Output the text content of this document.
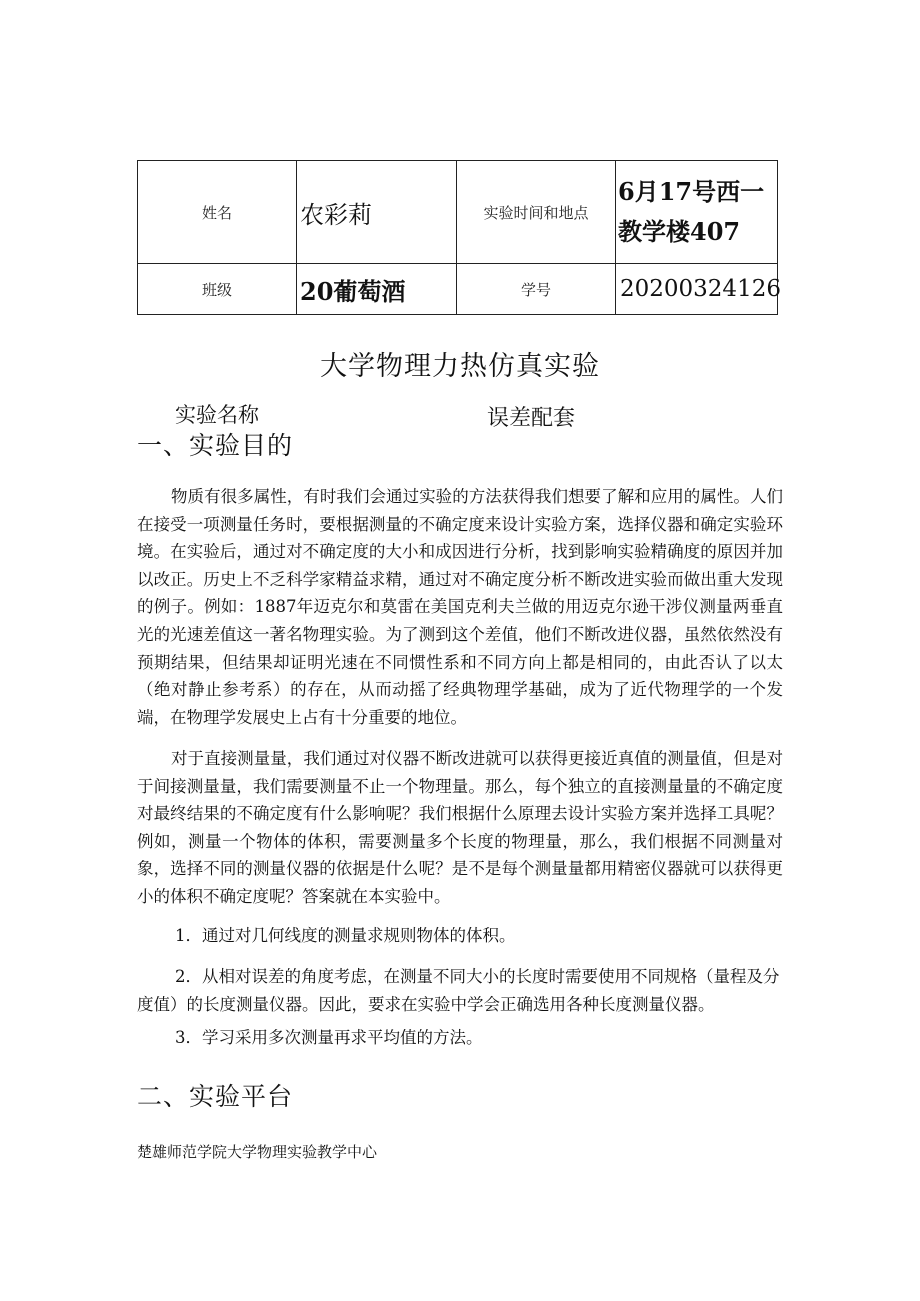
姓名	农彩莉	实验时间和地点	6月17号西一教学楼407
班级	20葡萄酒	学号	20200324126
大学物理力热仿真实验
实验名称	误差配套
一、实验目的

物质有很多属性，有时我们会通过实验的方法获得我们想要了解和应用的属性。人们在接受一项测量任务时，要根据测量的不确定度来设计实验方案，选择仪器和确定实验环境。在实验后，通过对不确定度的大小和成因进行分析，找到影响实验精确度的原因并加以改正。历史上不乏科学家精益求精，通过对不确定度分析不断改进实验而做出重大发现的例子。例如：1887年迈克尔和莫雷在美国克利夫兰做的用迈克尔逊干涉仪测量两垂直光的光速差值这一著名物理实验。为了测到这个差值，他们不断改进仪器，虽然依然没有预期结果，但结果却证明光速在不同惯性系和不同方向上都是相同的，由此否认了以太（绝对静止参考系）的存在，从而动摇了经典物理学基础，成为了近代物理学的一个发端，在物理学发展史上占有十分重要的地位。

对于直接测量量，我们通过对仪器不断改进就可以获得更接近真值的测量值，但是对于间接测量量，我们需要测量不止一个物理量。那么，每个独立的直接测量量的不确定度对最终结果的不确定度有什么影响呢？我们根据什么原理去设计实验方案并选择工具呢？例如，测量一个物体的体积，需要测量多个长度的物理量，那么，我们根据不同测量对象，选择不同的测量仪器的依据是什么呢？是不是每个测量量都用精密仪器就可以获得更小的体积不确定度呢？答案就在本实验中。

1．通过对几何线度的测量求规则物体的体积。

2．从相对误差的角度考虑，在测量不同大小的长度时需要使用不同规格（量程及分度值）的长度测量仪器。因此，要求在实验中学会正确选用各种长度测量仪器。

3．学习采用多次测量再求平均值的方法。

二、实验平台
楚雄师范学院大学物理实验教学中心
